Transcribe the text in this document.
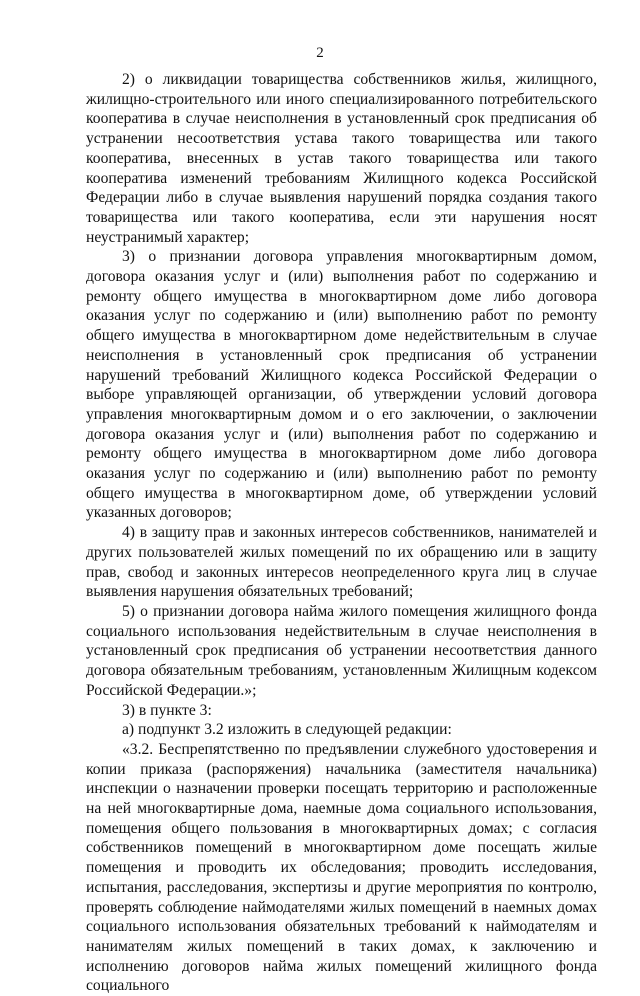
2

2) о ликвидации товарищества собственников жилья, жилищного, жилищно-строительного или иного специализированного потребительского кооператива в случае неисполнения в установленный срок предписания об устранении несоответствия устава такого товарищества или такого кооператива, внесенных в устав такого товарищества или такого кооператива изменений требованиям Жилищного кодекса Российской Федерации либо в случае выявления нарушений порядка создания такого товарищества или такого кооператива, если эти нарушения носят неустранимый характер;

3) о признании договора управления многоквартирным домом, договора оказания услуг и (или) выполнения работ по содержанию и ремонту общего имущества в многоквартирном доме либо договора оказания услуг по содержанию и (или) выполнению работ по ремонту общего имущества в многоквартирном доме недействительным в случае неисполнения в установленный срок предписания об устранении нарушений требований Жилищного кодекса Российской Федерации о выборе управляющей организации, об утверждении условий договора управления многоквартирным домом и о его заключении, о заключении договора оказания услуг и (или) выполнения работ по содержанию и ремонту общего имущества в многоквартирном доме либо договора оказания услуг по содержанию и (или) выполнению работ по ремонту общего имущества в многоквартирном доме, об утверждении условий указанных договоров;

4) в защиту прав и законных интересов собственников, нанимателей и других пользователей жилых помещений по их обращению или в защиту прав, свобод и законных интересов неопределенного круга лиц в случае выявления нарушения обязательных требований;

5) о признании договора найма жилого помещения жилищного фонда социального использования недействительным в случае неисполнения в установленный срок предписания об устранении несоответствия данного договора обязательным требованиям, установленным Жилищным кодексом Российской Федерации.»;

3) в пункте 3:

а) подпункт 3.2 изложить в следующей редакции:

«3.2. Беспрепятственно по предъявлении служебного удостоверения и копии приказа (распоряжения) начальника (заместителя начальника) инспекции о назначении проверки посещать территорию и расположенные на ней многоквартирные дома, наемные дома социального использования, помещения общего пользования в многоквартирных домах; с согласия собственников помещений в многоквартирном доме посещать жилые помещения и проводить их обследования; проводить исследования, испытания, расследования, экспертизы и другие мероприятия по контролю, проверять соблюдение наймодателями жилых помещений в наемных домах социального использования обязательных требований к наймодателям и нанимателям жилых помещений в таких домах, к заключению и исполнению договоров найма жилых помещений жилищного фонда социального
